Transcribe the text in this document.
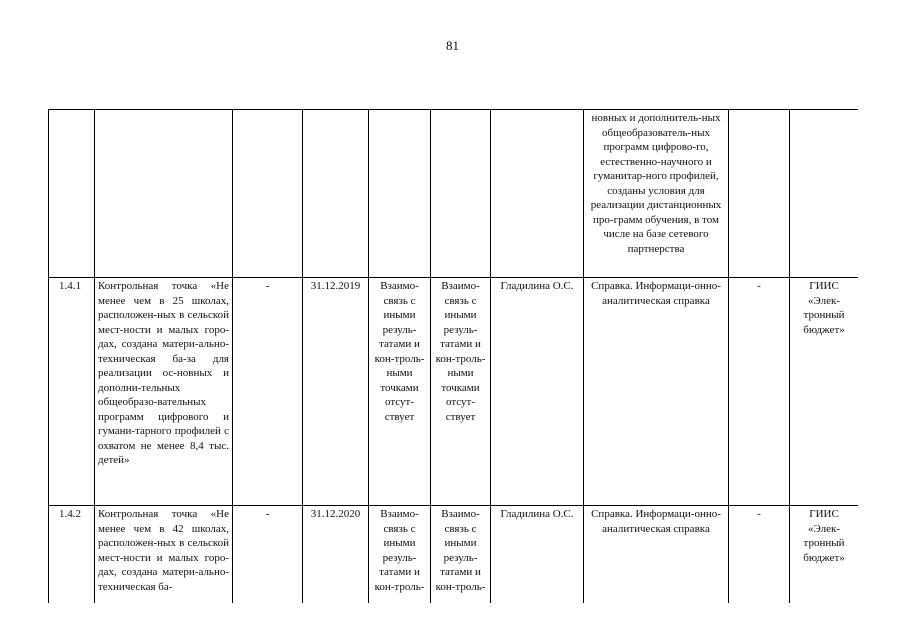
81
							новных и дополнитель-ных общеобразователь-ных программ цифрово-го, естественно-научного и гуманитар-ного профилей, созданы условия для реализации дистанционных про-грамм обучения, в том числе на базе сетевого партнерства		
1.4.1	Контрольная точка «Не менее чем в 25 школах, расположен-ных в сельской мест-ности и малых горо-дах, создана матери-ально-техническая ба-за для реализации ос-новных и дополни-тельных общеобразо-вательных программ цифрового и гумани-тарного профилей с охватом не менее 8,4 тыс. детей»	-	31.12.2019	Взаимо-связь с иными резуль-татами и кон-троль-ными точками отсут-ствует	Взаимо-связь с иными резуль-татами и кон-троль-ными точками отсут-ствует	Гладилина О.С.	Справка. Информаци-онно-аналитическая справка	-	ГИИС «Элек-тронный бюджет»
1.4.2	Контрольная точка «Не менее чем в 42 школах, расположен-ных в сельской мест-ности и малых горо-дах, создана матери-ально-техническая ба-	-	31.12.2020	Взаимо-связь с иными резуль-татами и кон-троль-	Взаимо-связь с иными резуль-татами и кон-троль-	Гладилина О.С.	Справка. Информаци-онно-аналитическая справка	-	ГИИС «Элек-тронный бюджет»
